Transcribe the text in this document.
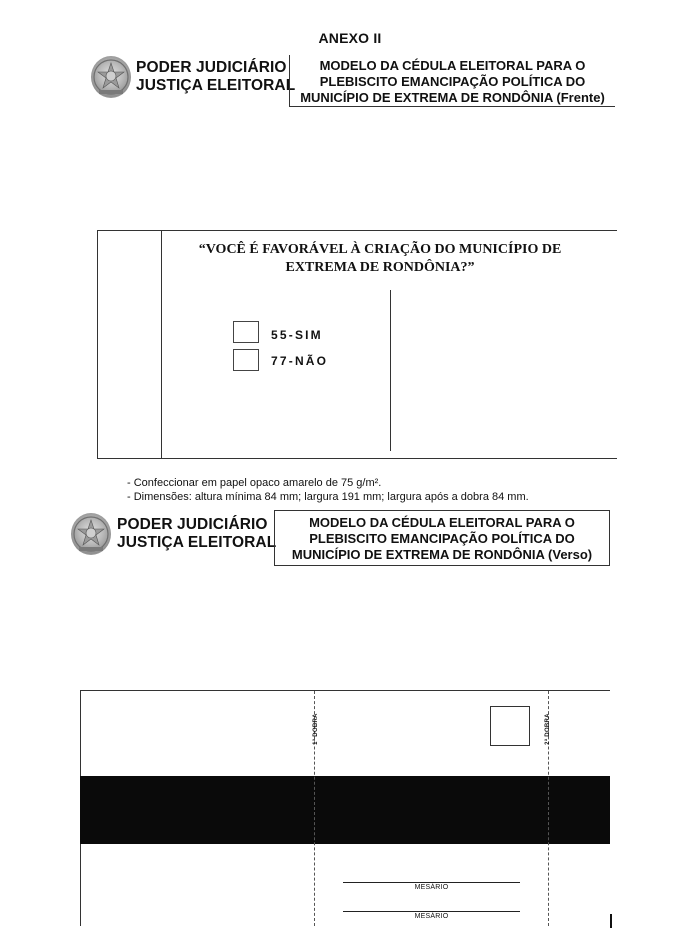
ANEXO II
PODER JUDICIÁRIO
JUSTIÇA ELEITORAL
MODELO DA CÉDULA ELEITORAL PARA O
PLEBISCITO EMANCIPAÇÃO POLÍTICA DO
MUNICÍPIO DE EXTREMA DE RONDÔNIA (Frente)
“VOCÊ É FAVORÁVEL À CRIAÇÃO DO MUNICÍPIO DE
EXTREMA DE RONDÔNIA?”
55-SIM
77-NÃO
- Confeccionar em papel opaco amarelo de 75 g/m².
- Dimensões: altura mínima 84 mm; largura 191 mm; largura após a dobra 84 mm.
PODER JUDICIÁRIO
JUSTIÇA ELEITORAL
MODELO DA CÉDULA ELEITORAL PARA O
PLEBISCITO EMANCIPAÇÃO POLÍTICA DO
MUNICÍPIO DE EXTREMA DE RONDÔNIA (Verso)
1ª DOBRA	2ª DOBRA
MESÁRIO
MESÁRIO
